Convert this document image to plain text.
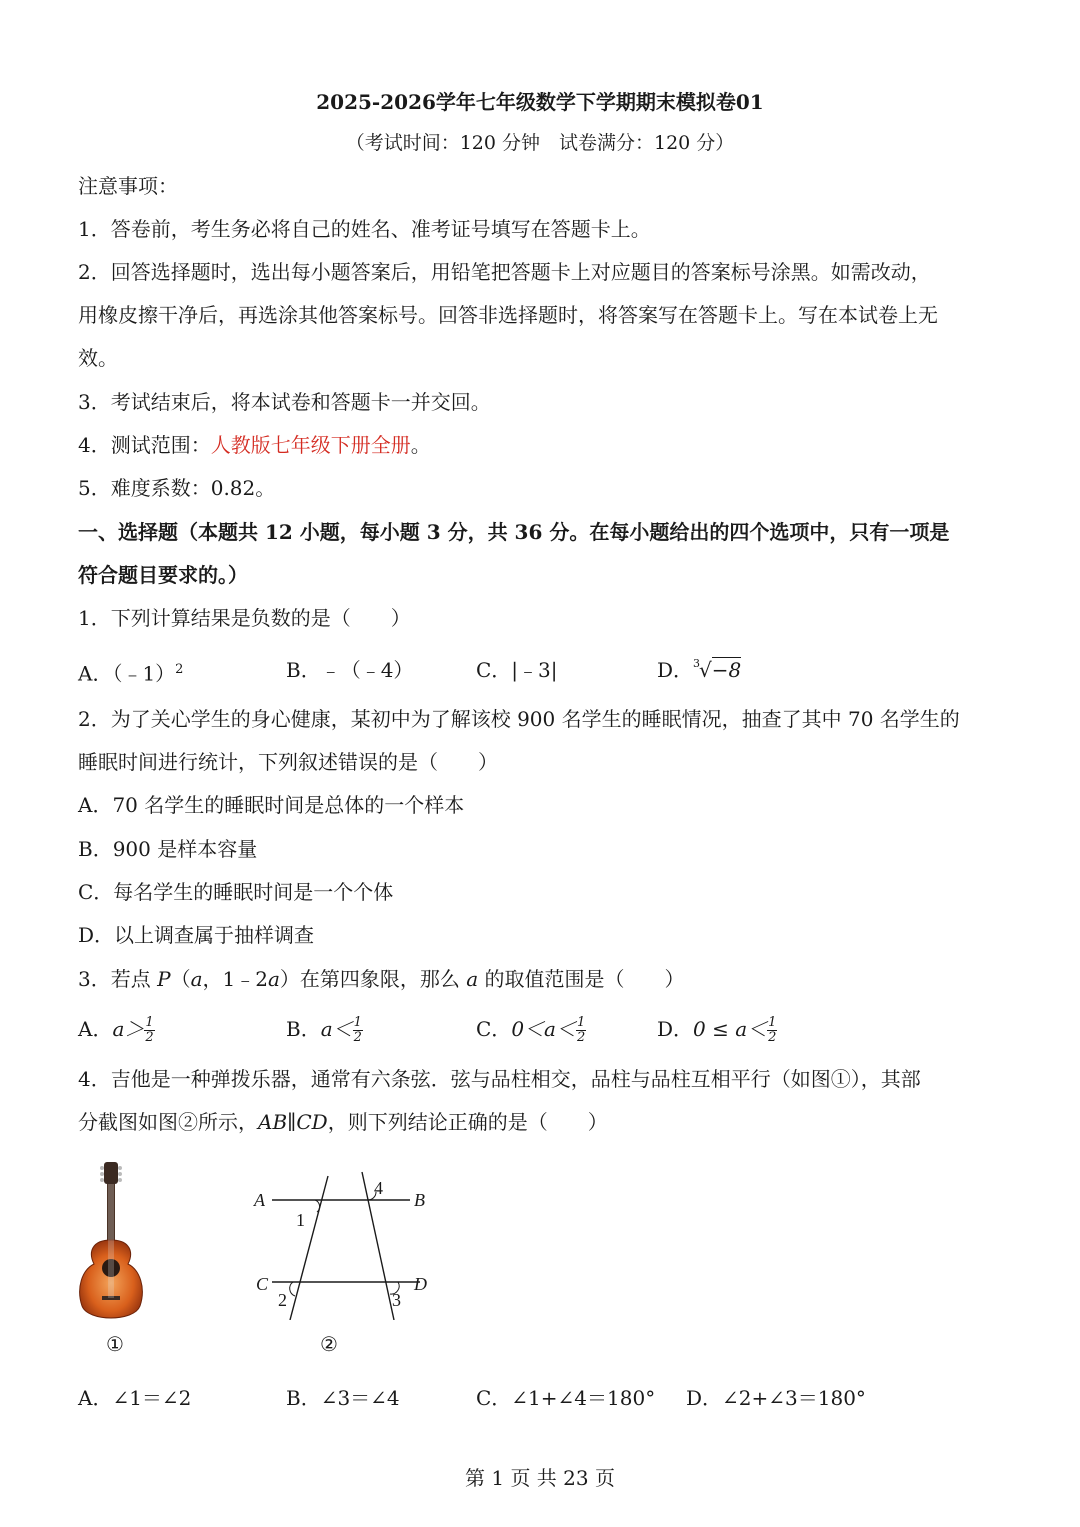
2025-2026学年七年级数学下学期期末模拟卷01
（考试时间：120 分钟　试卷满分：120 分）
注意事项：
1．答卷前，考生务必将自己的姓名、准考证号填写在答题卡上。
2．回答选择题时，选出每小题答案后，用铅笔把答题卡上对应题目的答案标号涂黑。如需改动，
用橡皮擦干净后，再选涂其他答案标号。回答非选择题时，将答案写在答题卡上。写在本试卷上无
效。
3．考试结束后，将本试卷和答题卡一并交回。
4．测试范围：人教版七年级下册全册。
5．难度系数：0.82。
一、选择题（本题共 12 小题，每小题 3 分，共 36 分。在每小题给出的四个选项中，只有一项是
符合题目要求的。）
1．下列计算结果是负数的是（　　）
A．（﹣1）$^2$	B．﹣（﹣4）	C．|﹣3|	D． 3 √−8
2．为了关心学生的身心健康，某初中为了解该校 900 名学生的睡眠情况，抽查了其中 70 名学生的
睡眠时间进行统计，下列叙述错误的是（　　）
A．70 名学生的睡眠时间是总体的一个样本
B．900 是样本容量
C．每名学生的睡眠时间是一个个体
D．以上调查属于抽样调查
3．若点 P（a，1﹣2a）在第四象限，那么 a 的取值范围是（　　）
A．$a> \frac{1}{2}$	B．$a< \frac{1}{2}$	C．$0<a< \frac{1}{2}$	D．$0 \le a< \frac{1}{2}$
4．吉他是一种弹拨乐器，通常有六条弦．弦与品柱相交，品柱与品柱互相平行（如图①），其部
分截图如图②所示，AB∥CD，则下列结论正确的是（　　）
①
A	B
C	D
1
4
2	3
②
A．∠1＝∠2	B．∠3＝∠4	C．∠1+∠4＝180° D．∠2+∠3＝180°
第 1 页 共 23 页
